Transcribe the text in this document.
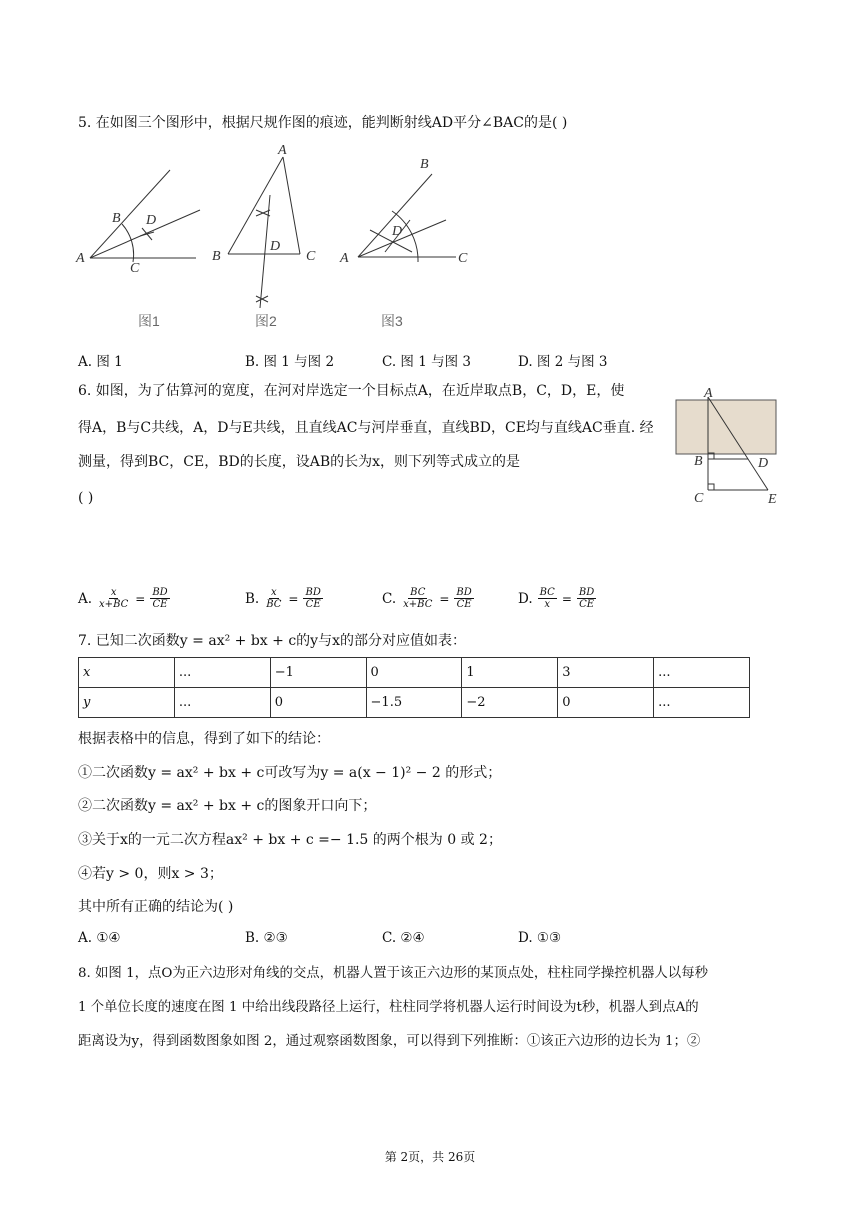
5. 在如图三个图形中，根据尺规作图的痕迹，能判断射线AD平分∠BAC的是( )
A
B D
C
图1
A
B
D
C
图2
A
B
D
C
图3
A. 图 1	B. 图 1 与图 2	C. 图 1 与图 3	D. 图 2 与图 3
6. 如图，为了估算河的宽度，在河对岸选定一个目标点A，在近岸取点B，C，D，E，使
得A，B与C共线，A，D与E共线，且直线AC与河岸垂直，直线BD，CE均与直线AC垂直. 经
测量，得到BC，CE，BD的长度，设AB的长为x，则下列等式成立的是
( )
A
B	D
C	E
A. $\frac{x}{x+BC} = \frac{BD}{CE}$	B. $\frac{x}{BC} = \frac{BD}{CE}$	C. $\frac{BC}{x+BC} = \frac{BD}{CE}$	D. $\frac{BC}{x} = \frac{BD}{CE}$
7. 已知二次函数y = ax² + bx + c的y与x的部分对应值如表：
x	...	−1	0	1	3	...
y	...	0	−1.5	−2	0	...
根据表格中的信息，得到了如下的结论：
①二次函数y = ax² + bx + c可改写为y = a(x − 1)² − 2 的形式；
②二次函数y = ax² + bx + c的图象开口向下；
③关于x的一元二次方程ax² + bx + c =− 1.5 的两个根为 0 或 2；
④若y > 0，则x > 3；
其中所有正确的结论为( )
A. ①④	B. ②③	C. ②④	D. ①③
8. 如图 1，点O为正六边形对角线的交点，机器人置于该正六边形的某顶点处，柱柱同学操控机器人以每秒
1 个单位长度的速度在图 1 中给出线段路径上运行，柱柱同学将机器人运行时间设为t秒，机器人到点A的
距离设为y，得到函数图象如图 2，通过观察函数图象，可以得到下列推断：①该正六边形的边长为 1；②
第 2页，共 26页
